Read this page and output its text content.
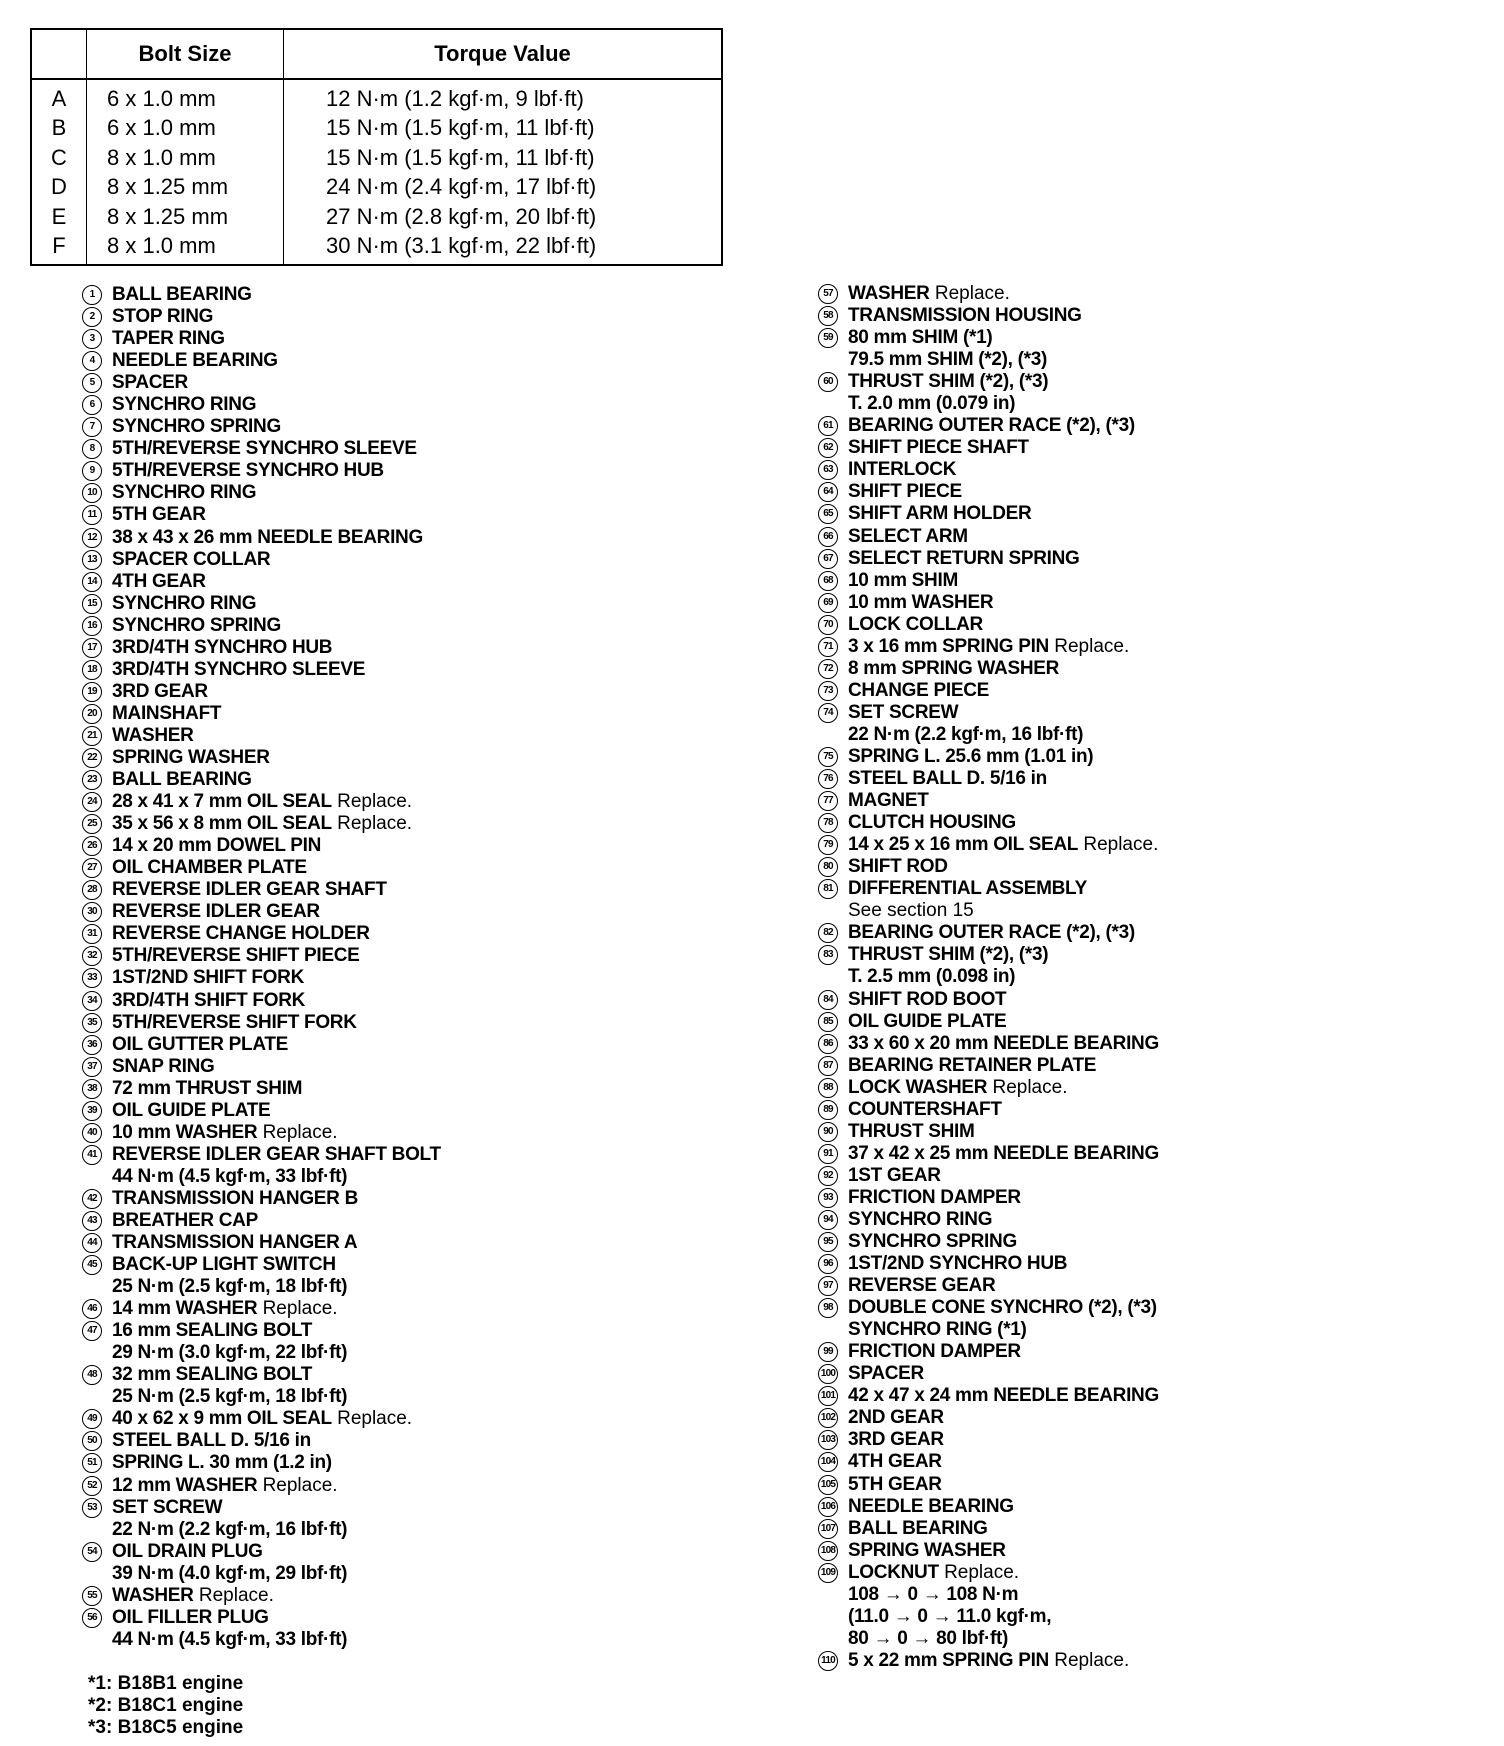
	Bolt Size	Torque Value
A	6 x 1.0 mm	12 N·m (1.2 kgf·m, 9 lbf·ft)
B	6 x 1.0 mm	15 N·m (1.5 kgf·m, 11 lbf·ft)
C	8 x 1.0 mm	15 N·m (1.5 kgf·m, 11 lbf·ft)
D	8 x 1.25 mm	24 N·m (2.4 kgf·m, 17 lbf·ft)
E	8 x 1.25 mm	27 N·m (2.8 kgf·m, 20 lbf·ft)
F	8 x 1.0 mm	30 N·m (3.1 kgf·m, 22 lbf·ft)
1 BALL BEARING
2 STOP RING
3 TAPER RING
4 NEEDLE BEARING
5 SPACER
6 SYNCHRO RING
7 SYNCHRO SPRING
8 5TH/REVERSE SYNCHRO SLEEVE
9 5TH/REVERSE SYNCHRO HUB
10 SYNCHRO RING
11 5TH GEAR
12 38 x 43 x 26 mm NEEDLE BEARING
13 SPACER COLLAR
14 4TH GEAR
15 SYNCHRO RING
16 SYNCHRO SPRING
17 3RD/4TH SYNCHRO HUB
18 3RD/4TH SYNCHRO SLEEVE
19 3RD GEAR
20 MAINSHAFT
21 WASHER
22 SPRING WASHER
23 BALL BEARING
24 28 x 41 x 7 mm OIL SEAL Replace.
25 35 x 56 x 8 mm OIL SEAL Replace.
26 14 x 20 mm DOWEL PIN
27 OIL CHAMBER PLATE
28 REVERSE IDLER GEAR SHAFT
30 REVERSE IDLER GEAR
31 REVERSE CHANGE HOLDER
32 5TH/REVERSE SHIFT PIECE
33 1ST/2ND SHIFT FORK
34 3RD/4TH SHIFT FORK
35 5TH/REVERSE SHIFT FORK
36 OIL GUTTER PLATE
37 SNAP RING
38 72 mm THRUST SHIM
39 OIL GUIDE PLATE
40 10 mm WASHER Replace.
41 REVERSE IDLER GEAR SHAFT BOLT
44 N·m (4.5 kgf·m, 33 lbf·ft)
42 TRANSMISSION HANGER B
43 BREATHER CAP
44 TRANSMISSION HANGER A
45 BACK-UP LIGHT SWITCH
25 N·m (2.5 kgf·m, 18 lbf·ft)
46 14 mm WASHER Replace.
47 16 mm SEALING BOLT
29 N·m (3.0 kgf·m, 22 lbf·ft)
48 32 mm SEALING BOLT
25 N·m (2.5 kgf·m, 18 lbf·ft)
49 40 x 62 x 9 mm OIL SEAL Replace.
50 STEEL BALL D. 5/16 in
51 SPRING L. 30 mm (1.2 in)
52 12 mm WASHER Replace.
53 SET SCREW
22 N·m (2.2 kgf·m, 16 lbf·ft)
54 OIL DRAIN PLUG
39 N·m (4.0 kgf·m, 29 lbf·ft)
55 WASHER Replace.
56 OIL FILLER PLUG
44 N·m (4.5 kgf·m, 33 lbf·ft)
57 WASHER Replace.
58 TRANSMISSION HOUSING
59 80 mm SHIM (*1)
79.5 mm SHIM (*2), (*3)
60 THRUST SHIM (*2), (*3)
T. 2.0 mm (0.079 in)
61 BEARING OUTER RACE (*2), (*3)
62 SHIFT PIECE SHAFT
63 INTERLOCK
64 SHIFT PIECE
65 SHIFT ARM HOLDER
66 SELECT ARM
67 SELECT RETURN SPRING
68 10 mm SHIM
69 10 mm WASHER
70 LOCK COLLAR
71 3 x 16 mm SPRING PIN Replace.
72 8 mm SPRING WASHER
73 CHANGE PIECE
74 SET SCREW
22 N·m (2.2 kgf·m, 16 lbf·ft)
75 SPRING L. 25.6 mm (1.01 in)
76 STEEL BALL D. 5/16 in
77 MAGNET
78 CLUTCH HOUSING
79 14 x 25 x 16 mm OIL SEAL Replace.
80 SHIFT ROD
81 DIFFERENTIAL ASSEMBLY
See section 15
82 BEARING OUTER RACE (*2), (*3)
83 THRUST SHIM (*2), (*3)
T. 2.5 mm (0.098 in)
84 SHIFT ROD BOOT
85 OIL GUIDE PLATE
86 33 x 60 x 20 mm NEEDLE BEARING
87 BEARING RETAINER PLATE
88 LOCK WASHER Replace.
89 COUNTERSHAFT
90 THRUST SHIM
91 37 x 42 x 25 mm NEEDLE BEARING
92 1ST GEAR
93 FRICTION DAMPER
94 SYNCHRO RING
95 SYNCHRO SPRING
96 1ST/2ND SYNCHRO HUB
97 REVERSE GEAR
98 DOUBLE CONE SYNCHRO (*2), (*3)
SYNCHRO RING (*1)
99 FRICTION DAMPER
100 SPACER
101 42 x 47 x 24 mm NEEDLE BEARING
102 2ND GEAR
103 3RD GEAR
104 4TH GEAR
105 5TH GEAR
106 NEEDLE BEARING
107 BALL BEARING
108 SPRING WASHER
109 LOCKNUT Replace.
108 → 0 → 108 N·m
(11.0 → 0 → 11.0 kgf·m,
80 → 0 → 80 lbf·ft)
110 5 x 22 mm SPRING PIN Replace.
*1: B18B1 engine
*2: B18C1 engine
*3: B18C5 engine
